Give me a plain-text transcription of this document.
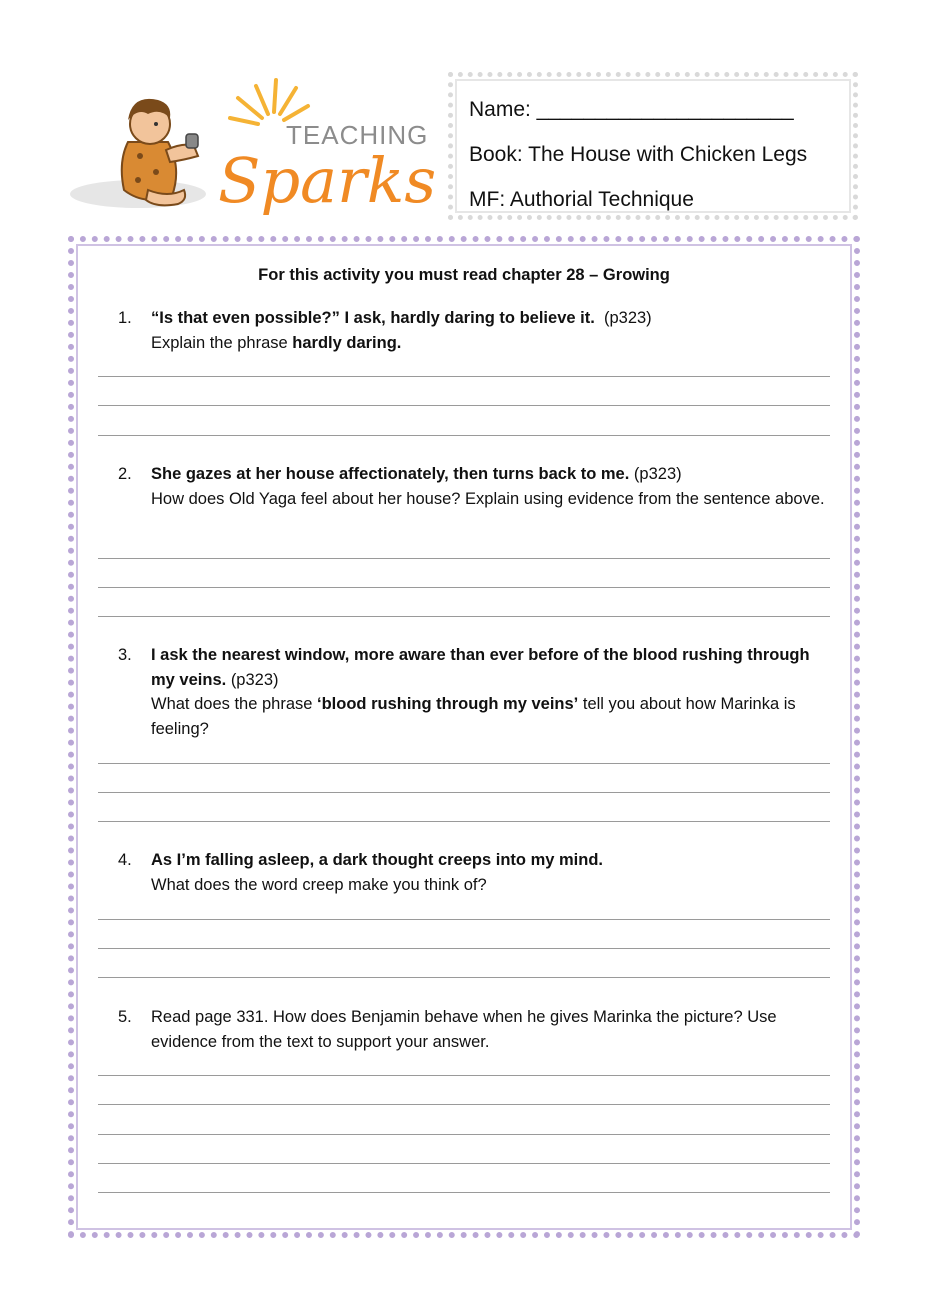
TEACHING
Sparks
Name: ______________________
Book: The House with Chicken Legs
MF: Authorial Technique
For this activity you must read chapter 28 – Growing
1.	“Is that even possible?” I ask, hardly daring to believe it. (p323)
Explain the phrase hardly daring.
2.	She gazes at her house affectionately, then turns back to me. (p323)
How does Old Yaga feel about her house? Explain using evidence from the sentence above.
3.	I ask the nearest window, more aware than ever before of the blood rushing through my veins. (p323)
What does the phrase ‘blood rushing through my veins’ tell you about how Marinka is feeling?
4.	As I’m falling asleep, a dark thought creeps into my mind.
What does the word creep make you think of?
5.	Read page 331. How does Benjamin behave when he gives Marinka the picture? Use evidence from the text to support your answer.
